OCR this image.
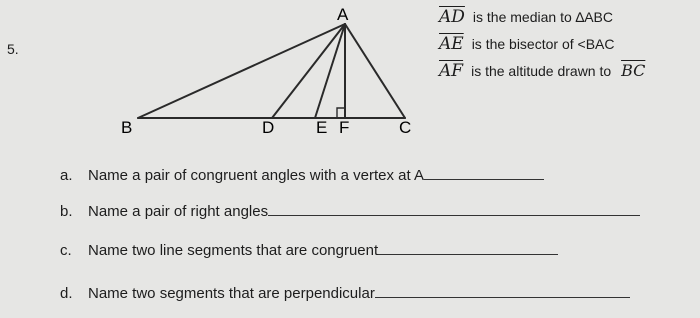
5.
A
B	C
D E F
$\overline{AD}$ is the median to ∆ABC
$\overline{AE}$ is the bisector of <BAC
$\overline{AF}$ is the altitude drawn to $\overline{BC}$
a. Name a pair of congruent angles with a vertex at A
b. Name a pair of right angles
c. Name two line segments that are congruent
d. Name two segments that are perpendicular
